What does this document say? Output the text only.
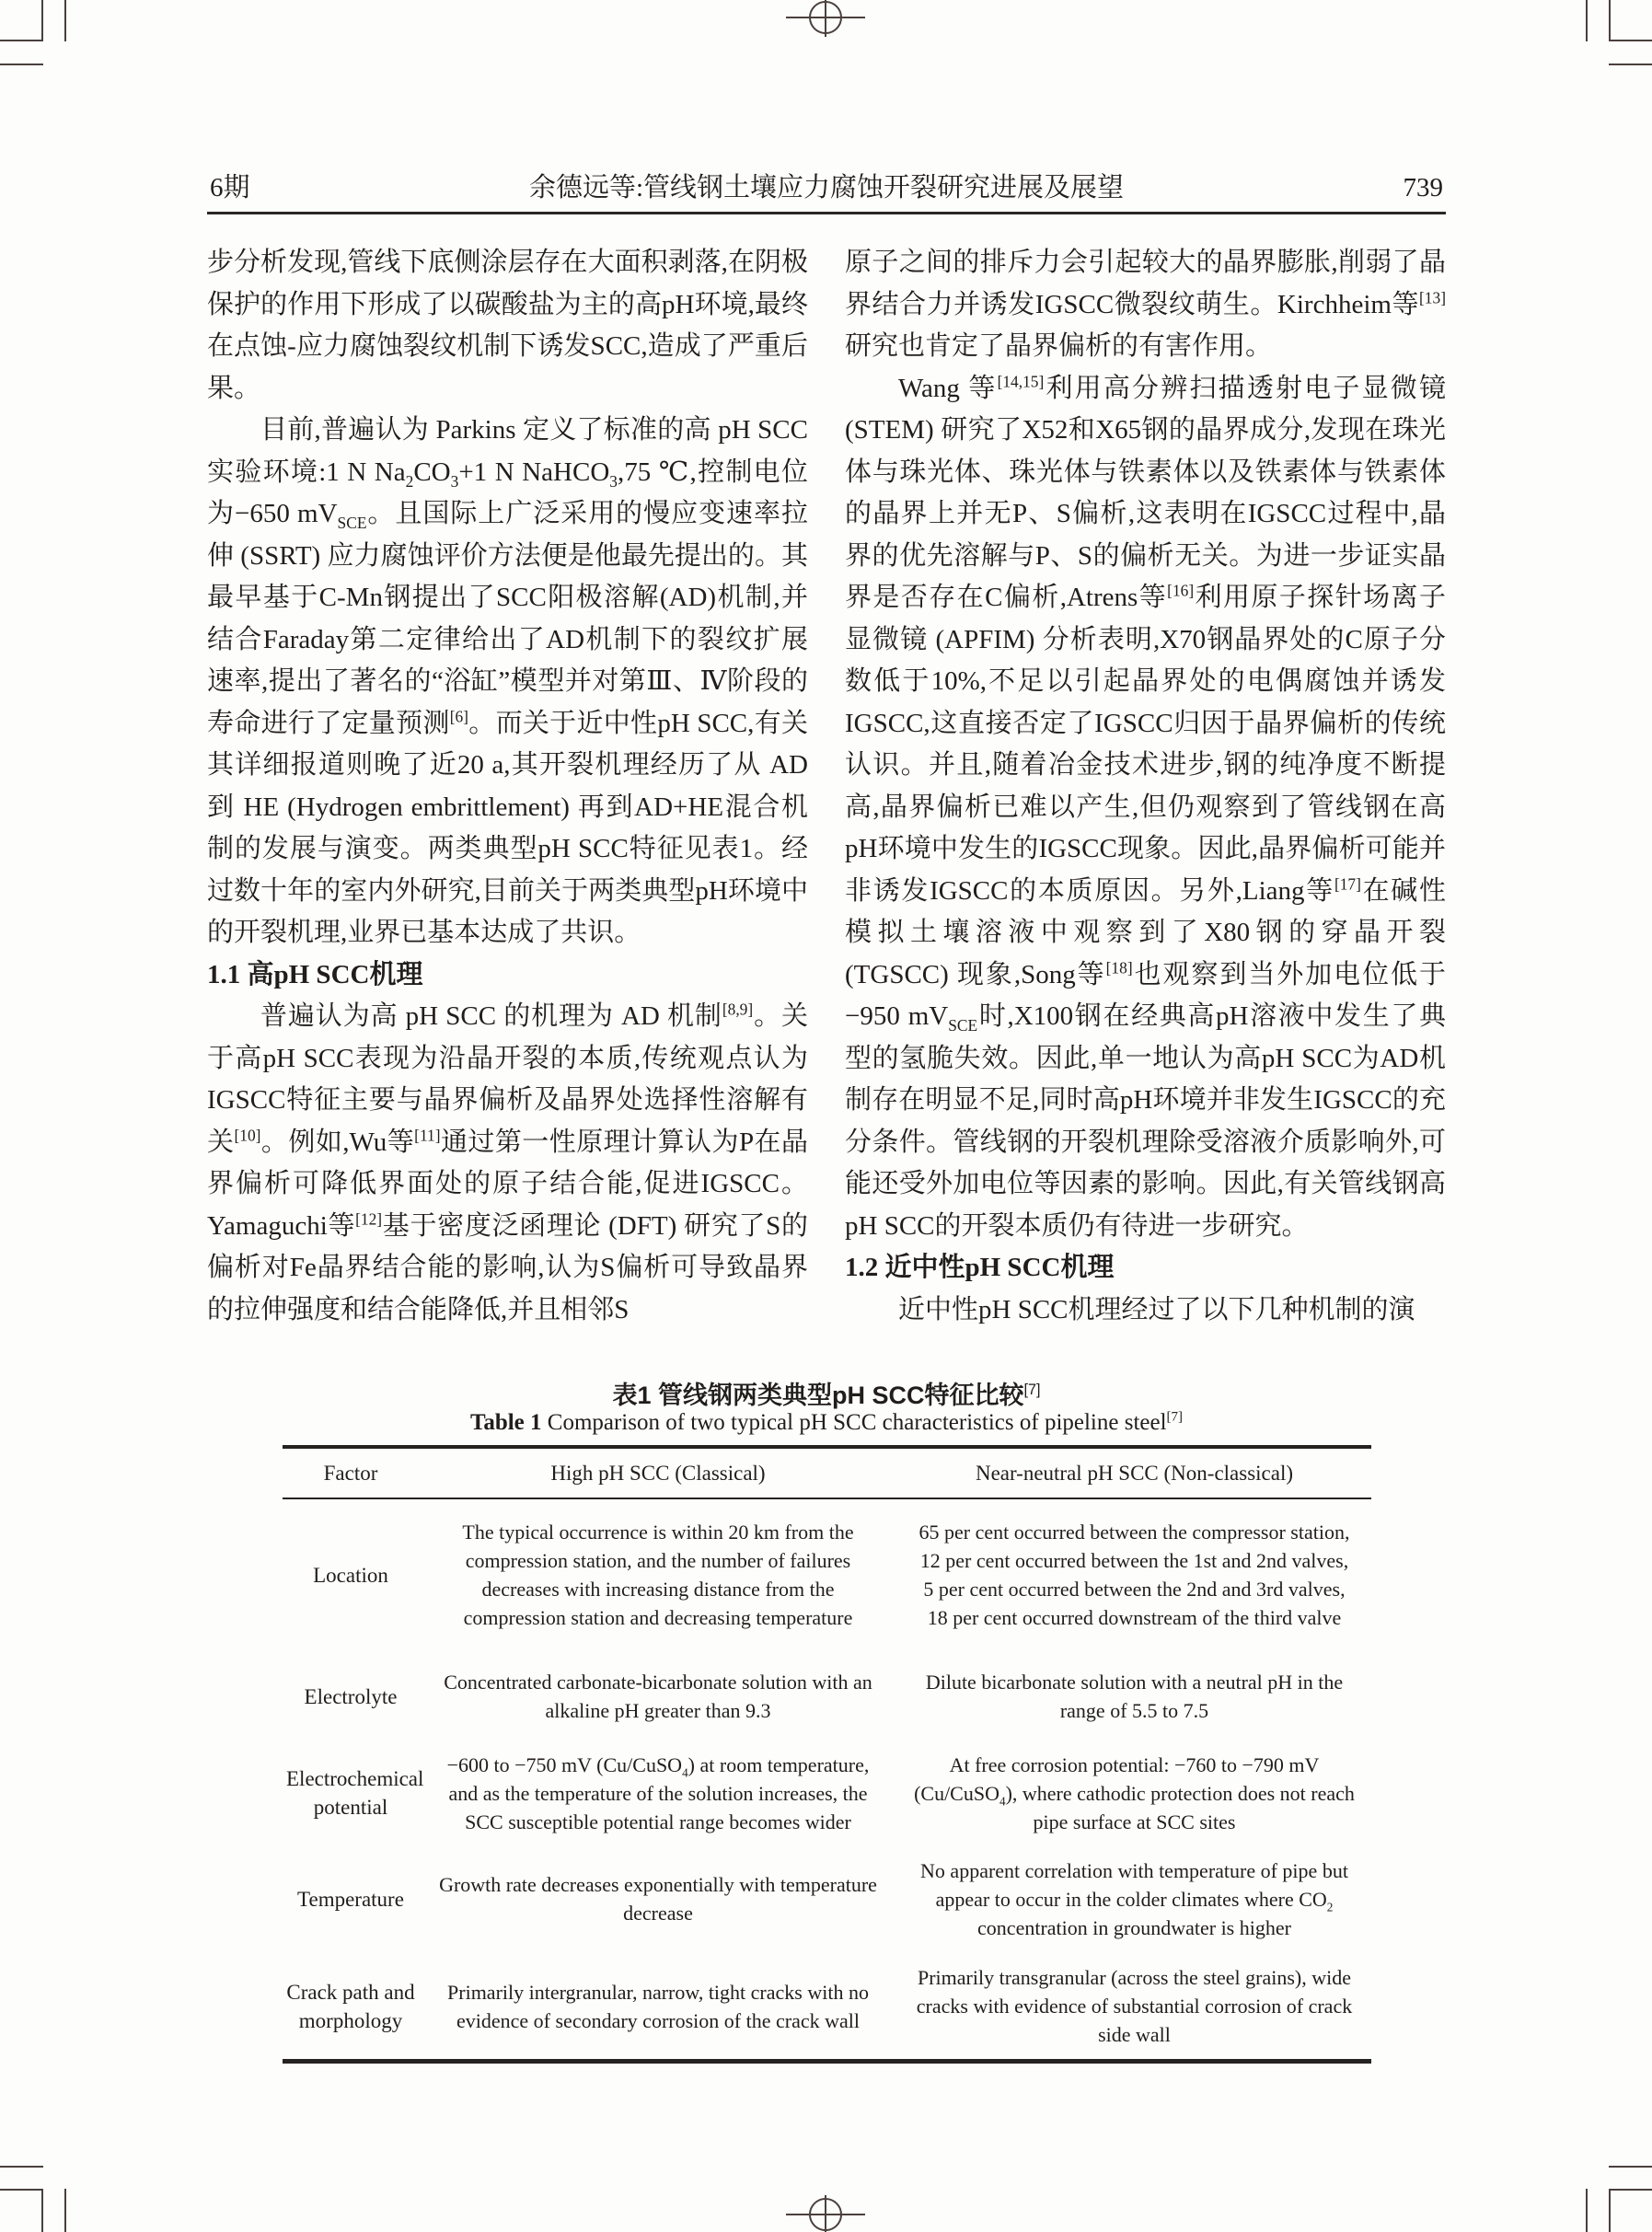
6期	余德远等:管线钢土壤应力腐蚀开裂研究进展及展望	739

步分析发现,管线下底侧涂层存在大面积剥落,在阴极保护的作用下形成了以碳酸盐为主的高pH环境,最终在点蚀-应力腐蚀裂纹机制下诱发SCC,造成了严重后果。

目前,普遍认为 Parkins 定义了标准的高 pH SCC 实验环境:1 N $Na_2CO_3+1$ N NaHCO$_3$,75 ℃,控制电位为−650 $mV_{SCE}$。且国际上广泛采用的慢应变速率拉伸 (SSRT) 应力腐蚀评价方法便是他最先提出的。其最早基于C-Mn钢提出了SCC阳极溶解(AD)机制,并结合Faraday第二定律给出了AD机制下的裂纹扩展速率,提出了著名的“浴缸”模型并对第Ⅲ、Ⅳ阶段的寿命进行了定量预测[6]。而关于近中性pH SCC,有关其详细报道则晚了近20 a,其开裂机理经历了从 AD 到 HE (Hydrogen embrittlement) 再到AD+HE混合机制的发展与演变。两类典型pH SCC特征见表1。经过数十年的室内外研究,目前关于两类典型pH环境中的开裂机理,业界已基本达成了共识。

1.1 高pH SCC机理

普遍认为高 pH SCC 的机理为 AD 机制[8,9]。关于高pH SCC表现为沿晶开裂的本质,传统观点认为IGSCC特征主要与晶界偏析及晶界处选择性溶解有关[10]。例如,Wu等[11]通过第一性原理计算认为P在晶界偏析可降低界面处的原子结合能,促进IGSCC。Yamaguchi等[12]基于密度泛函理论 (DFT) 研究了S的偏析对Fe晶界结合能的影响,认为S偏析可导致晶界的拉伸强度和结合能降低,并且相邻S

原子之间的排斥力会引起较大的晶界膨胀,削弱了晶界结合力并诱发IGSCC微裂纹萌生。Kirchheim等[13]研究也肯定了晶界偏析的有害作用。

Wang 等[14,15]利用高分辨扫描透射电子显微镜 (STEM) 研究了X52和X65钢的晶界成分,发现在珠光体与珠光体、珠光体与铁素体以及铁素体与铁素体的晶界上并无P、S偏析,这表明在IGSCC过程中,晶界的优先溶解与P、S的偏析无关。为进一步证实晶界是否存在C偏析,Atrens等[16]利用原子探针场离子显微镜 (APFIM) 分析表明,X70钢晶界处的C原子分数低于10%,不足以引起晶界处的电偶腐蚀并诱发IGSCC,这直接否定了IGSCC归因于晶界偏析的传统认识。并且,随着冶金技术进步,钢的纯净度不断提高,晶界偏析已难以产生,但仍观察到了管线钢在高pH环境中发生的IGSCC现象。因此,晶界偏析可能并非诱发IGSCC的本质原因。另外,Liang等[17]在碱性模拟土壤溶液中观察到了X80钢的穿晶开裂 (TGSCC) 现象,Song等[18]也观察到当外加电位低于−950 $mV_{SCE}$时,X100钢在经典高pH溶液中发生了典型的氢脆失效。因此,单一地认为高pH SCC为AD机制存在明显不足,同时高pH环境并非发生IGSCC的充分条件。管线钢的开裂机理除受溶液介质影响外,可能还受外加电位等因素的影响。因此,有关管线钢高pH SCC的开裂本质仍有待进一步研究。

1.2 近中性pH SCC机理

近中性pH SCC机理经过了以下几种机制的演

表1 管线钢两类典型pH SCC特征比较[7]
Table 1 Comparison of two typical pH SCC characteristics of pipeline steel[7]
Factor	High pH SCC (Classical)	Near-neutral pH SCC (Non-classical)
Location	The typical occurrence is within 20 km from the compression station, and the number of failures decreases with increasing distance from the compression station and decreasing temperature	65 per cent occurred between the compressor station, 12 per cent occurred between the 1st and 2nd valves, 5 per cent occurred between the 2nd and 3rd valves, 18 per cent occurred downstream of the third valve
Electrolyte	Concentrated carbonate-bicarbonate solution with an alkaline pH greater than 9.3	Dilute bicarbonate solution with a neutral pH in the range of 5.5 to 7.5
Electrochemical potential	−600 to −750 mV (Cu/CuSO$_4$) at room temperature, and as the temperature of the solution increases, the SCC susceptible potential range becomes wider	At free corrosion potential: −760 to −790 mV (Cu/CuSO$_4$), where cathodic protection does not reach pipe surface at SCC sites
Temperature	Growth rate decreases exponentially with temperature decrease	No apparent correlation with temperature of pipe but appear to occur in the colder climates where $CO_2$ concentration in groundwater is higher
Crack path and morphology	Primarily intergranular, narrow, tight cracks with no evidence of secondary corrosion of the crack wall	Primarily transgranular (across the steel grains), wide cracks with evidence of substantial corrosion of crack side wall
